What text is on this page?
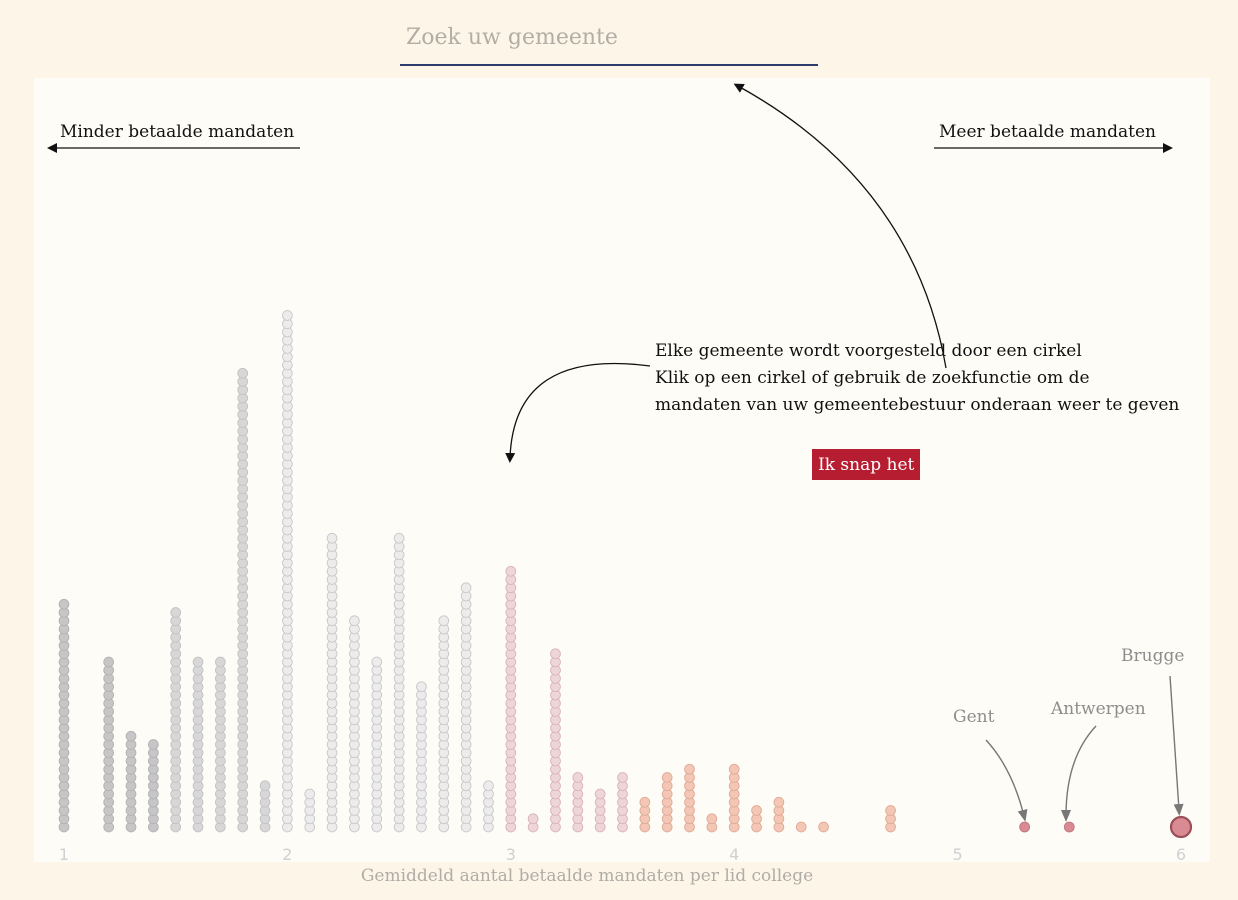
Zoek uw gemeente
1	2	3	4	5	6
Minder betaalde mandaten	Meer betaalde mandaten
Elke gemeente wordt voorgesteld door een cirkel
Klik op een cirkel of gebruik de zoekfunctie om de
mandaten van uw gemeentebestuur onderaan weer te geven
Ik snap het
Gent	Antwerpen
Brugge
Gemiddeld aantal betaalde mandaten per lid college
